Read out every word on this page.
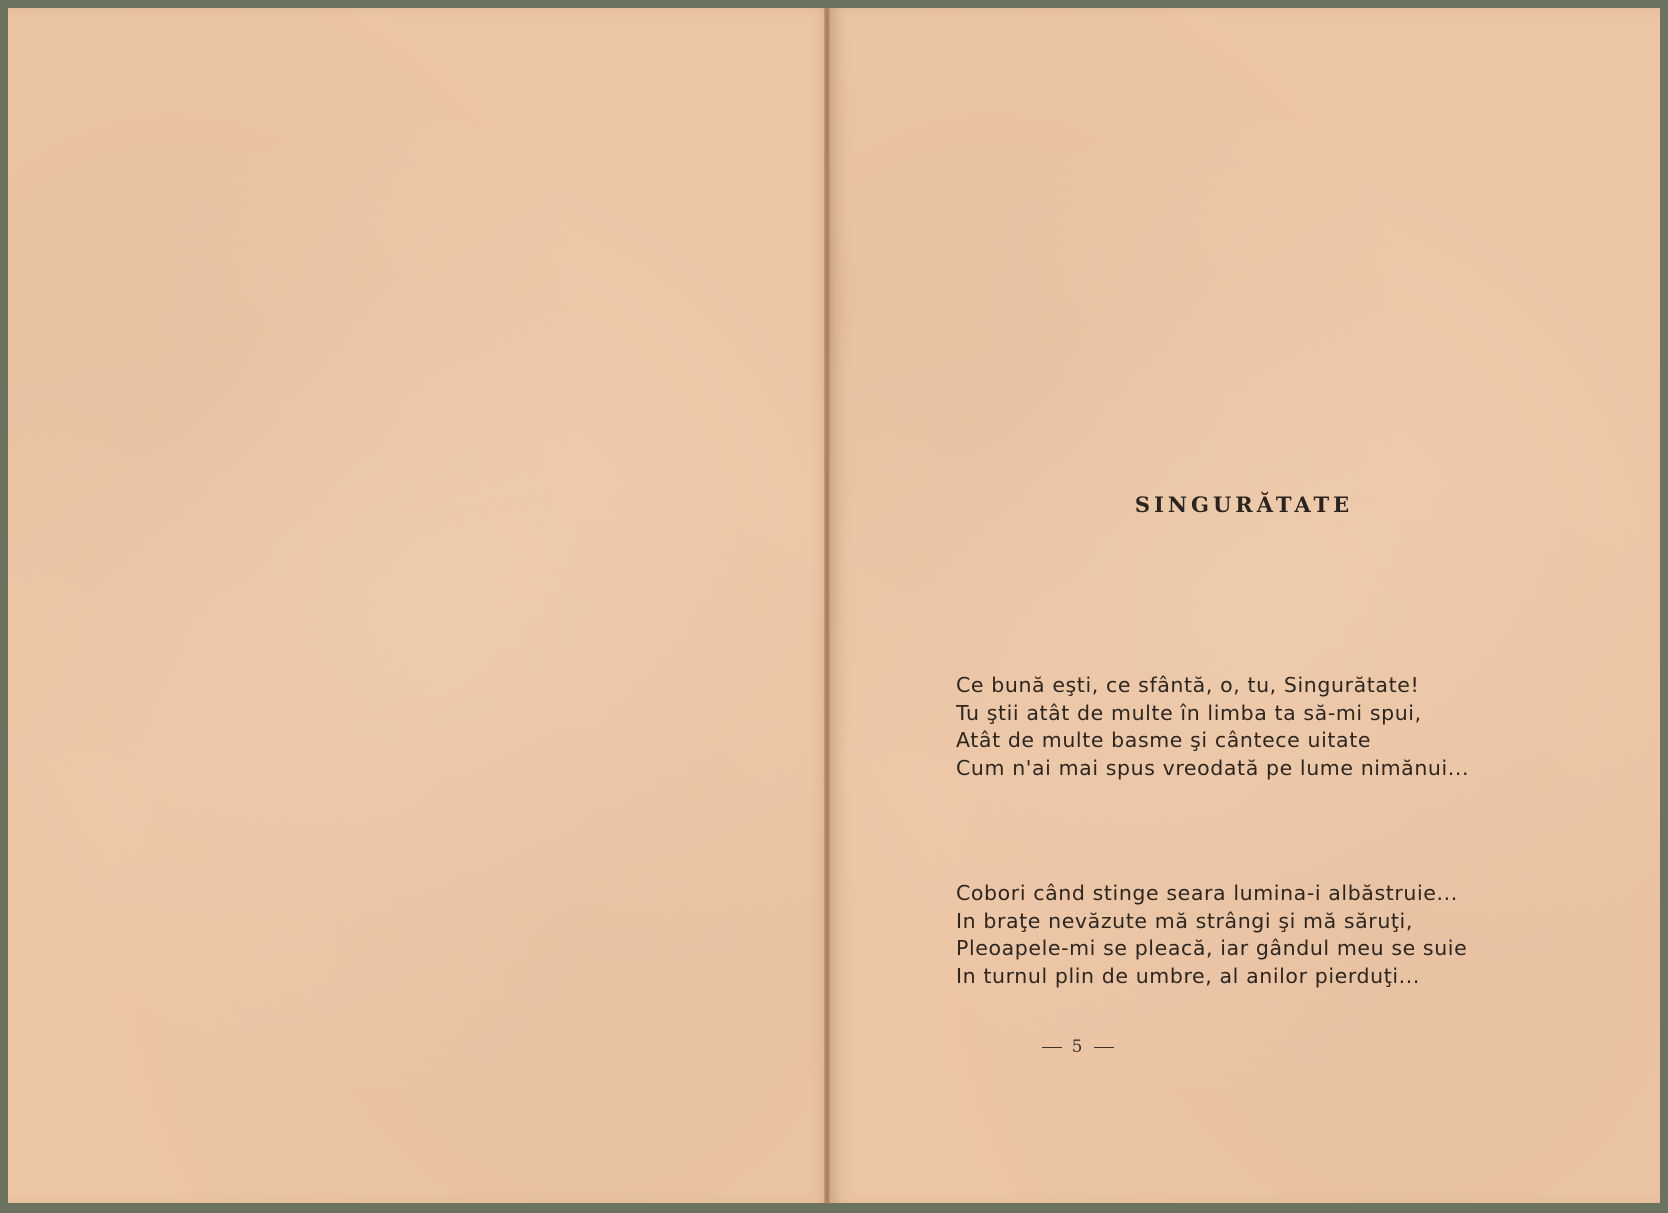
SINGURĂTATE
Ce bună eşti, ce sfântă, o, tu, Singurătate!
Tu ştii atât de multe în limba ta să-mi spui,
Atât de multe basme şi cântece uitate
Cum n'ai mai spus vreodată pe lume nimănui...
Cobori când stinge seara lumina-i albăstruie...
In braţe nevăzute mă strângi şi mă săruţi,
Pleoapele-mi se pleacă, iar gândul meu se suie
In turnul plin de umbre, al anilor pierduţi...
5
